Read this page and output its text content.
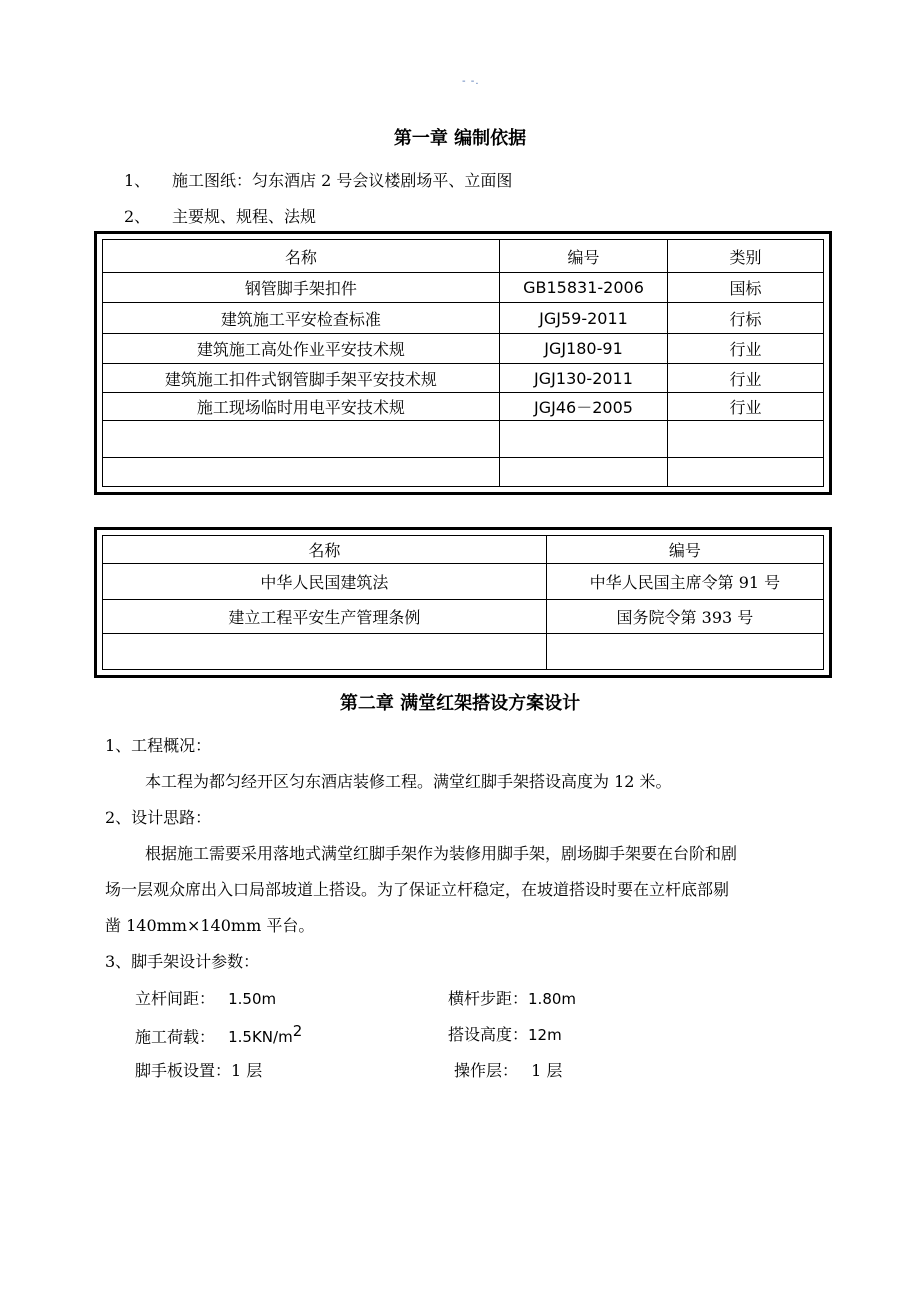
- -.
第一章 编制依据
1、 施工图纸：匀东酒店 2 号会议楼剧场平、立面图
2、 主要规、规程、法规
名称	编号	类别
钢管脚手架扣件	GB15831-2006	国标
建筑施工平安检查标准	JGJ59-2011	行标
建筑施工高处作业平安技术规	JGJ180-91	行业
建筑施工扣件式钢管脚手架平安技术规	JGJ130-2011	行业
施工现场临时用电平安技术规	JGJ46－2005	行业

名称	编号
中华人民国建筑法	中华人民国主席令第 91 号
建立工程平安生产管理条例	国务院令第 393 号

第二章 满堂红架搭设方案设计
1、工程概况：
本工程为都匀经开区匀东酒店装修工程。满堂红脚手架搭设高度为 12 米。
2、设计思路：
根据施工需要采用落地式满堂红脚手架作为装修用脚手架，剧场脚手架要在台阶和剧
场一层观众席出入口局部坡道上搭设。为了保证立杆稳定，在坡道搭设时要在立杆底部剔
凿 140mm×140mm 平台。
3、脚手架设计参数：
立杆间距： 1.50m	横杆步距：1.80m
施工荷载： $1.5KN/m^2$	搭设高度：12m
脚手板设置：1 层	操作层： 1 层
